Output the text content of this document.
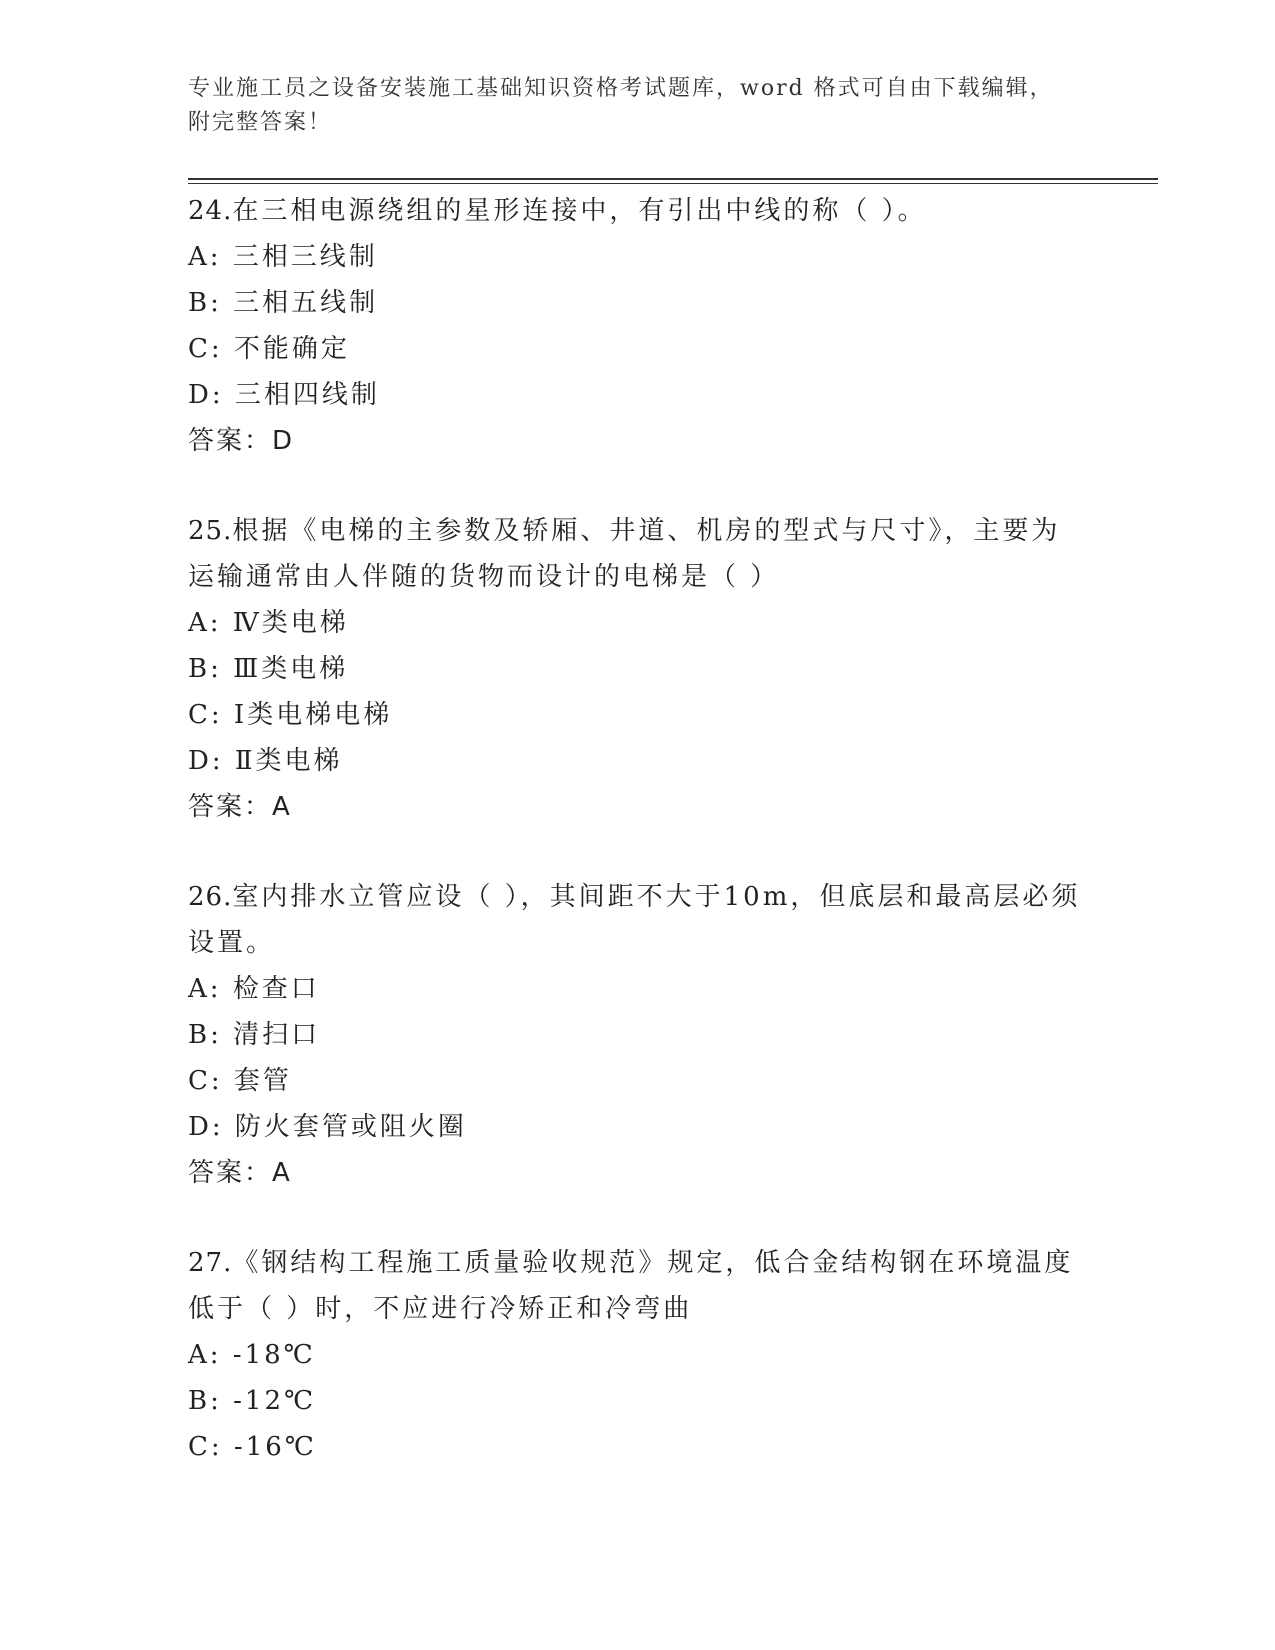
专业施工员之设备安装施工基础知识资格考试题库，word 格式可自由下载编辑，
附完整答案！
24.在三相电源绕组的星形连接中，有引出中线的称（ ）。
A: 三相三线制
B: 三相五线制
C: 不能确定
D: 三相四线制
答案：D
25.根据《电梯的主参数及轿厢、井道、机房的型式与尺寸》，主要为
运输通常由人伴随的货物而设计的电梯是（ ）
A: Ⅳ类电梯
B: Ⅲ类电梯
C: Ⅰ类电梯电梯
D: Ⅱ类电梯
答案：A
26.室内排水立管应设（ ），其间距不大于10m，但底层和最高层必须
设置。
A: 检查口
B: 清扫口
C: 套管
D: 防火套管或阻火圈
答案：A
27.《钢结构工程施工质量验收规范》规定，低合金结构钢在环境温度
低于（ ）时，不应进行冷矫正和冷弯曲
A: -18℃
B: -12℃
C: -16℃
